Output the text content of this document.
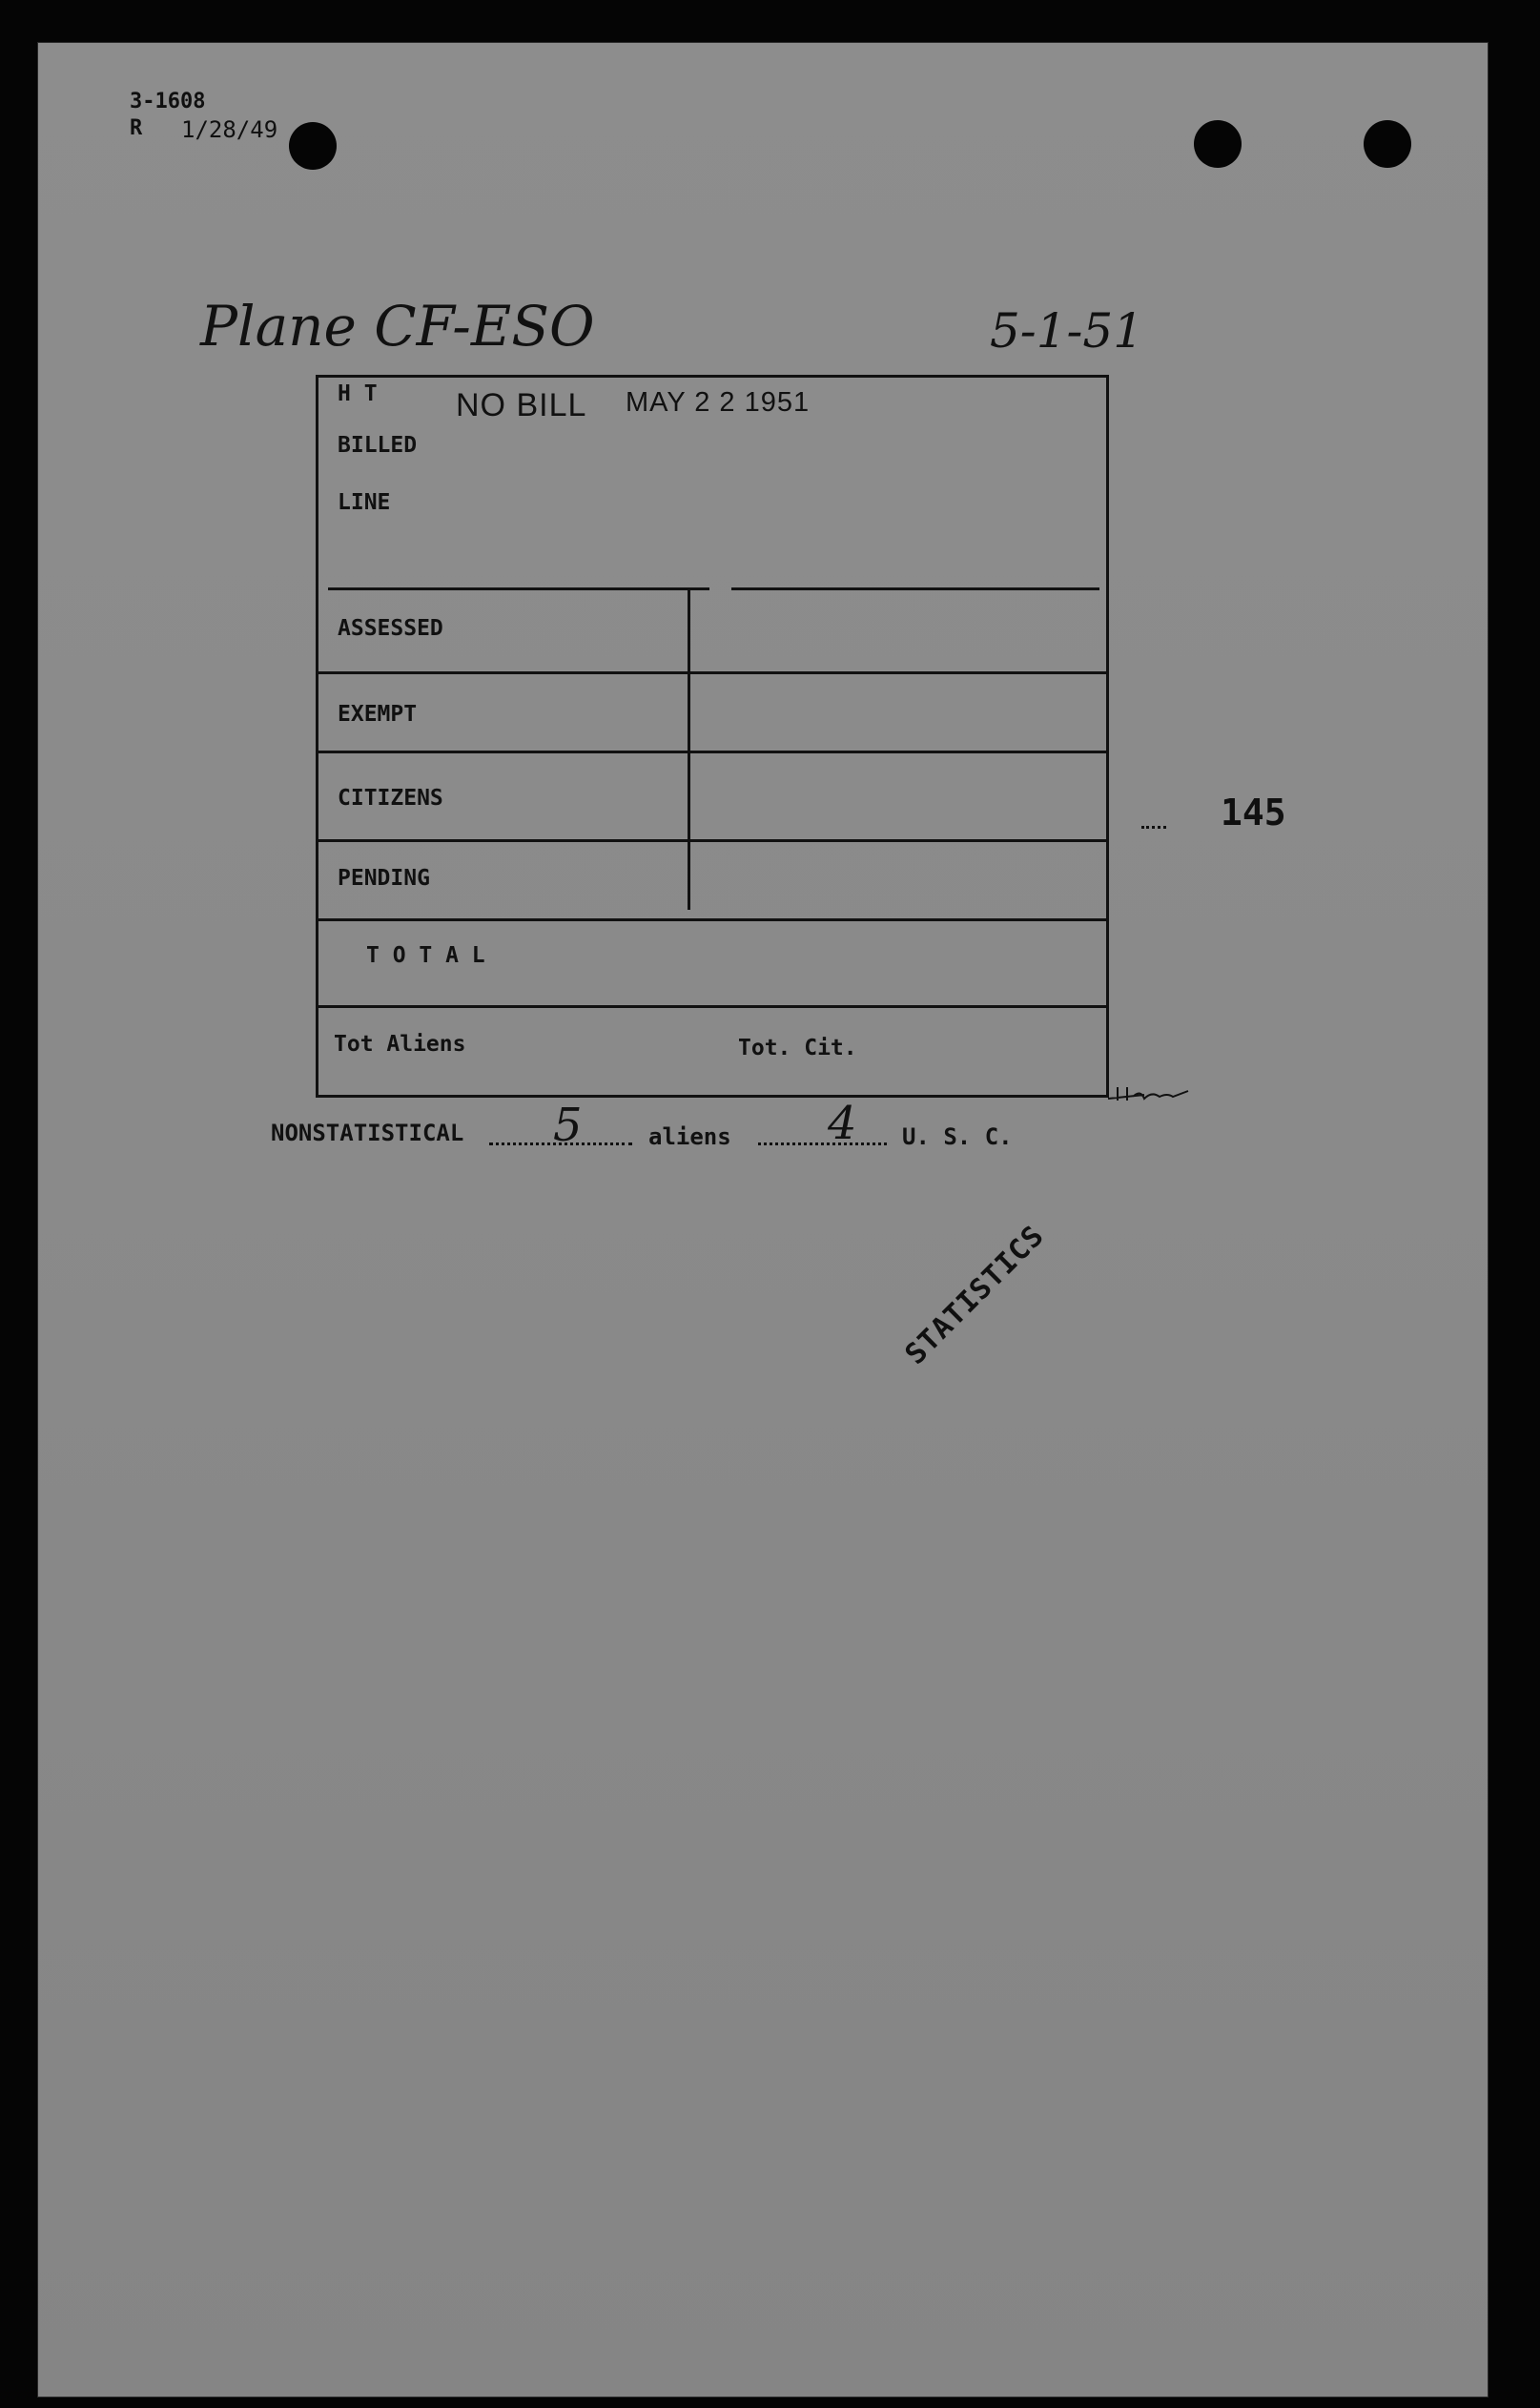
3-1608
R 1/28/49
Plane CF-ESO	5-1-51
NO BILL MAY 2 2 1951
H T
BILLED
LINE
ASSESSED
EXEMPT
CITIZENS
PENDING
T O T A L
Tot Aliens	Tot. Cit.
145
NONSTATISTICAL 5	aliens 4 U. S. C.
STATISTICS
